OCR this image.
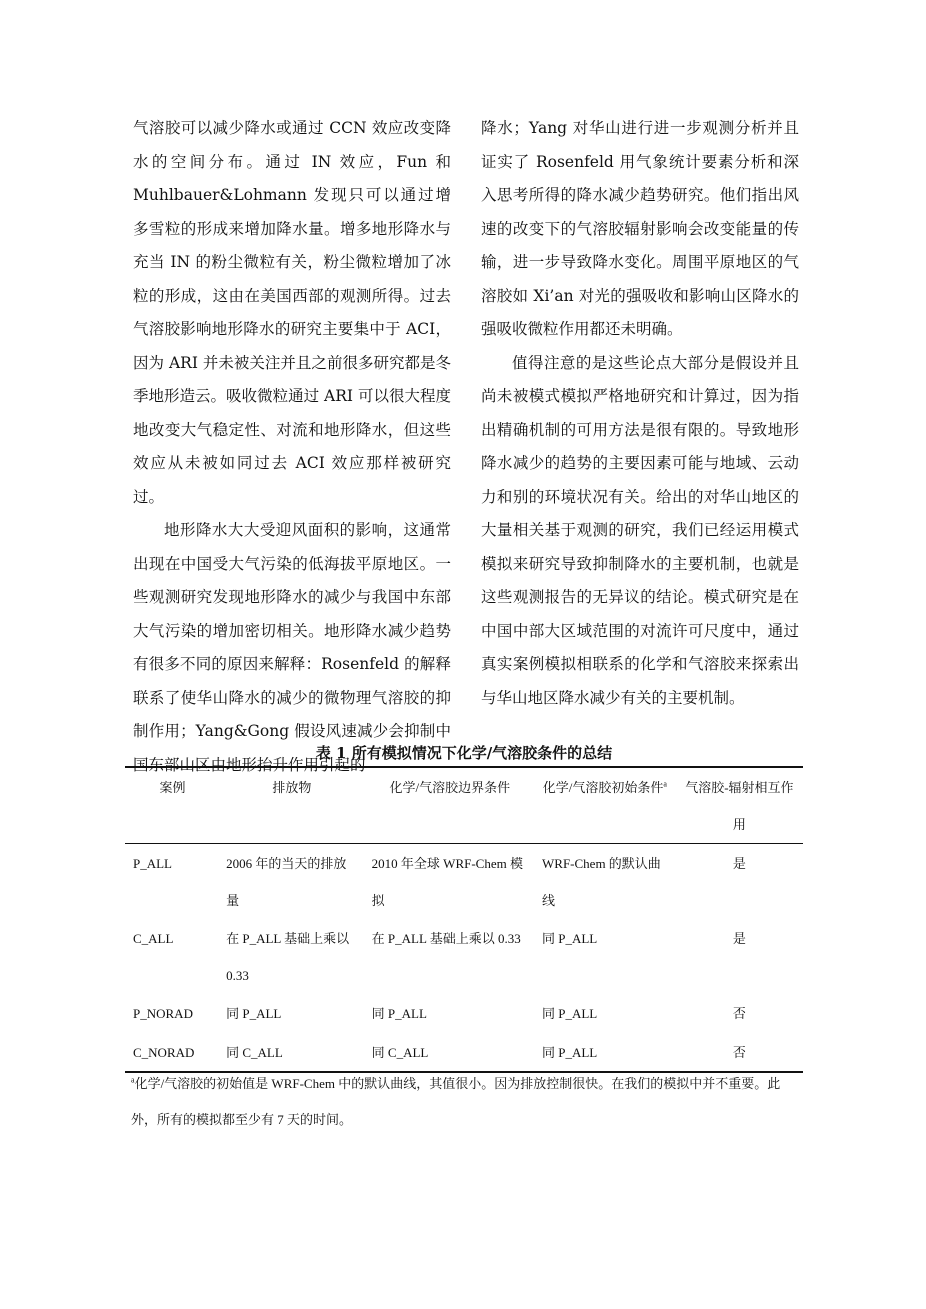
气溶胶可以减少降水或通过 CCN 效应改变降水的空间分布。通过 IN 效应，Fun 和 Muhlbauer&Lohmann 发现只可以通过增多雪粒的形成来增加降水量。增多地形降水与充当 IN 的粉尘微粒有关，粉尘微粒增加了冰粒的形成，这由在美国西部的观测所得。过去气溶胶影响地形降水的研究主要集中于 ACI，因为 ARI 并未被关注并且之前很多研究都是冬季地形造云。吸收微粒通过 ARI 可以很大程度地改变大气稳定性、对流和地形降水，但这些效应从未被如同过去 ACI 效应那样被研究过。

地形降水大大受迎风面积的影响，这通常出现在中国受大气污染的低海拔平原地区。一些观测研究发现地形降水的减少与我国中东部大气污染的增加密切相关。地形降水减少趋势有很多不同的原因来解释：Rosenfeld 的解释联系了使华山降水的减少的微物理气溶胶的抑制作用；Yang&Gong 假设风速减少会抑制中国东部山区由地形抬升作用引起的

降水；Yang 对华山进行进一步观测分析并且证实了 Rosenfeld 用气象统计要素分析和深入思考所得的降水减少趋势研究。他们指出风速的改变下的气溶胶辐射影响会改变能量的传输，进一步导致降水变化。周围平原地区的气溶胶如 Xi’an 对光的强吸收和影响山区降水的强吸收微粒作用都还未明确。

值得注意的是这些论点大部分是假设并且尚未被模式模拟严格地研究和计算过，因为指出精确机制的可用方法是很有限的。导致地形降水减少的趋势的主要因素可能与地域、云动力和别的环境状况有关。给出的对华山地区的大量相关基于观测的研究，我们已经运用模式模拟来研究导致抑制降水的主要机制，也就是这些观测报告的无异议的结论。模式研究是在中国中部大区域范围的对流许可尺度中，通过真实案例模拟相联系的化学和气溶胶来探索出与华山地区降水减少有关的主要机制。

表 1 所有模拟情况下化学/气溶胶条件的总结
案例	排放物	化学/气溶胶边界条件	化学/气溶胶初始条件$^a$	气溶胶-辐射相互作用
P_ALL	2006 年的当天的排放量	2010 年全球 WRF-Chem 模拟	WRF-Chem 的默认曲线	是
C_ALL	在 P_ALL 基础上乘以 0.33	在 P_ALL 基础上乘以 0.33	同 P_ALL	是
P_NORAD	同 P_ALL	同 P_ALL	同 P_ALL	否
C_NORAD	同 C_ALL	同 C_ALL	同 P_ALL	否

$^a$化学/气溶胶的初始值是 WRF-Chem 中的默认曲线，其值很小。因为排放控制很快。在我们的模拟中并不重要。此外，所有的模拟都至少有 7 天的时间。
